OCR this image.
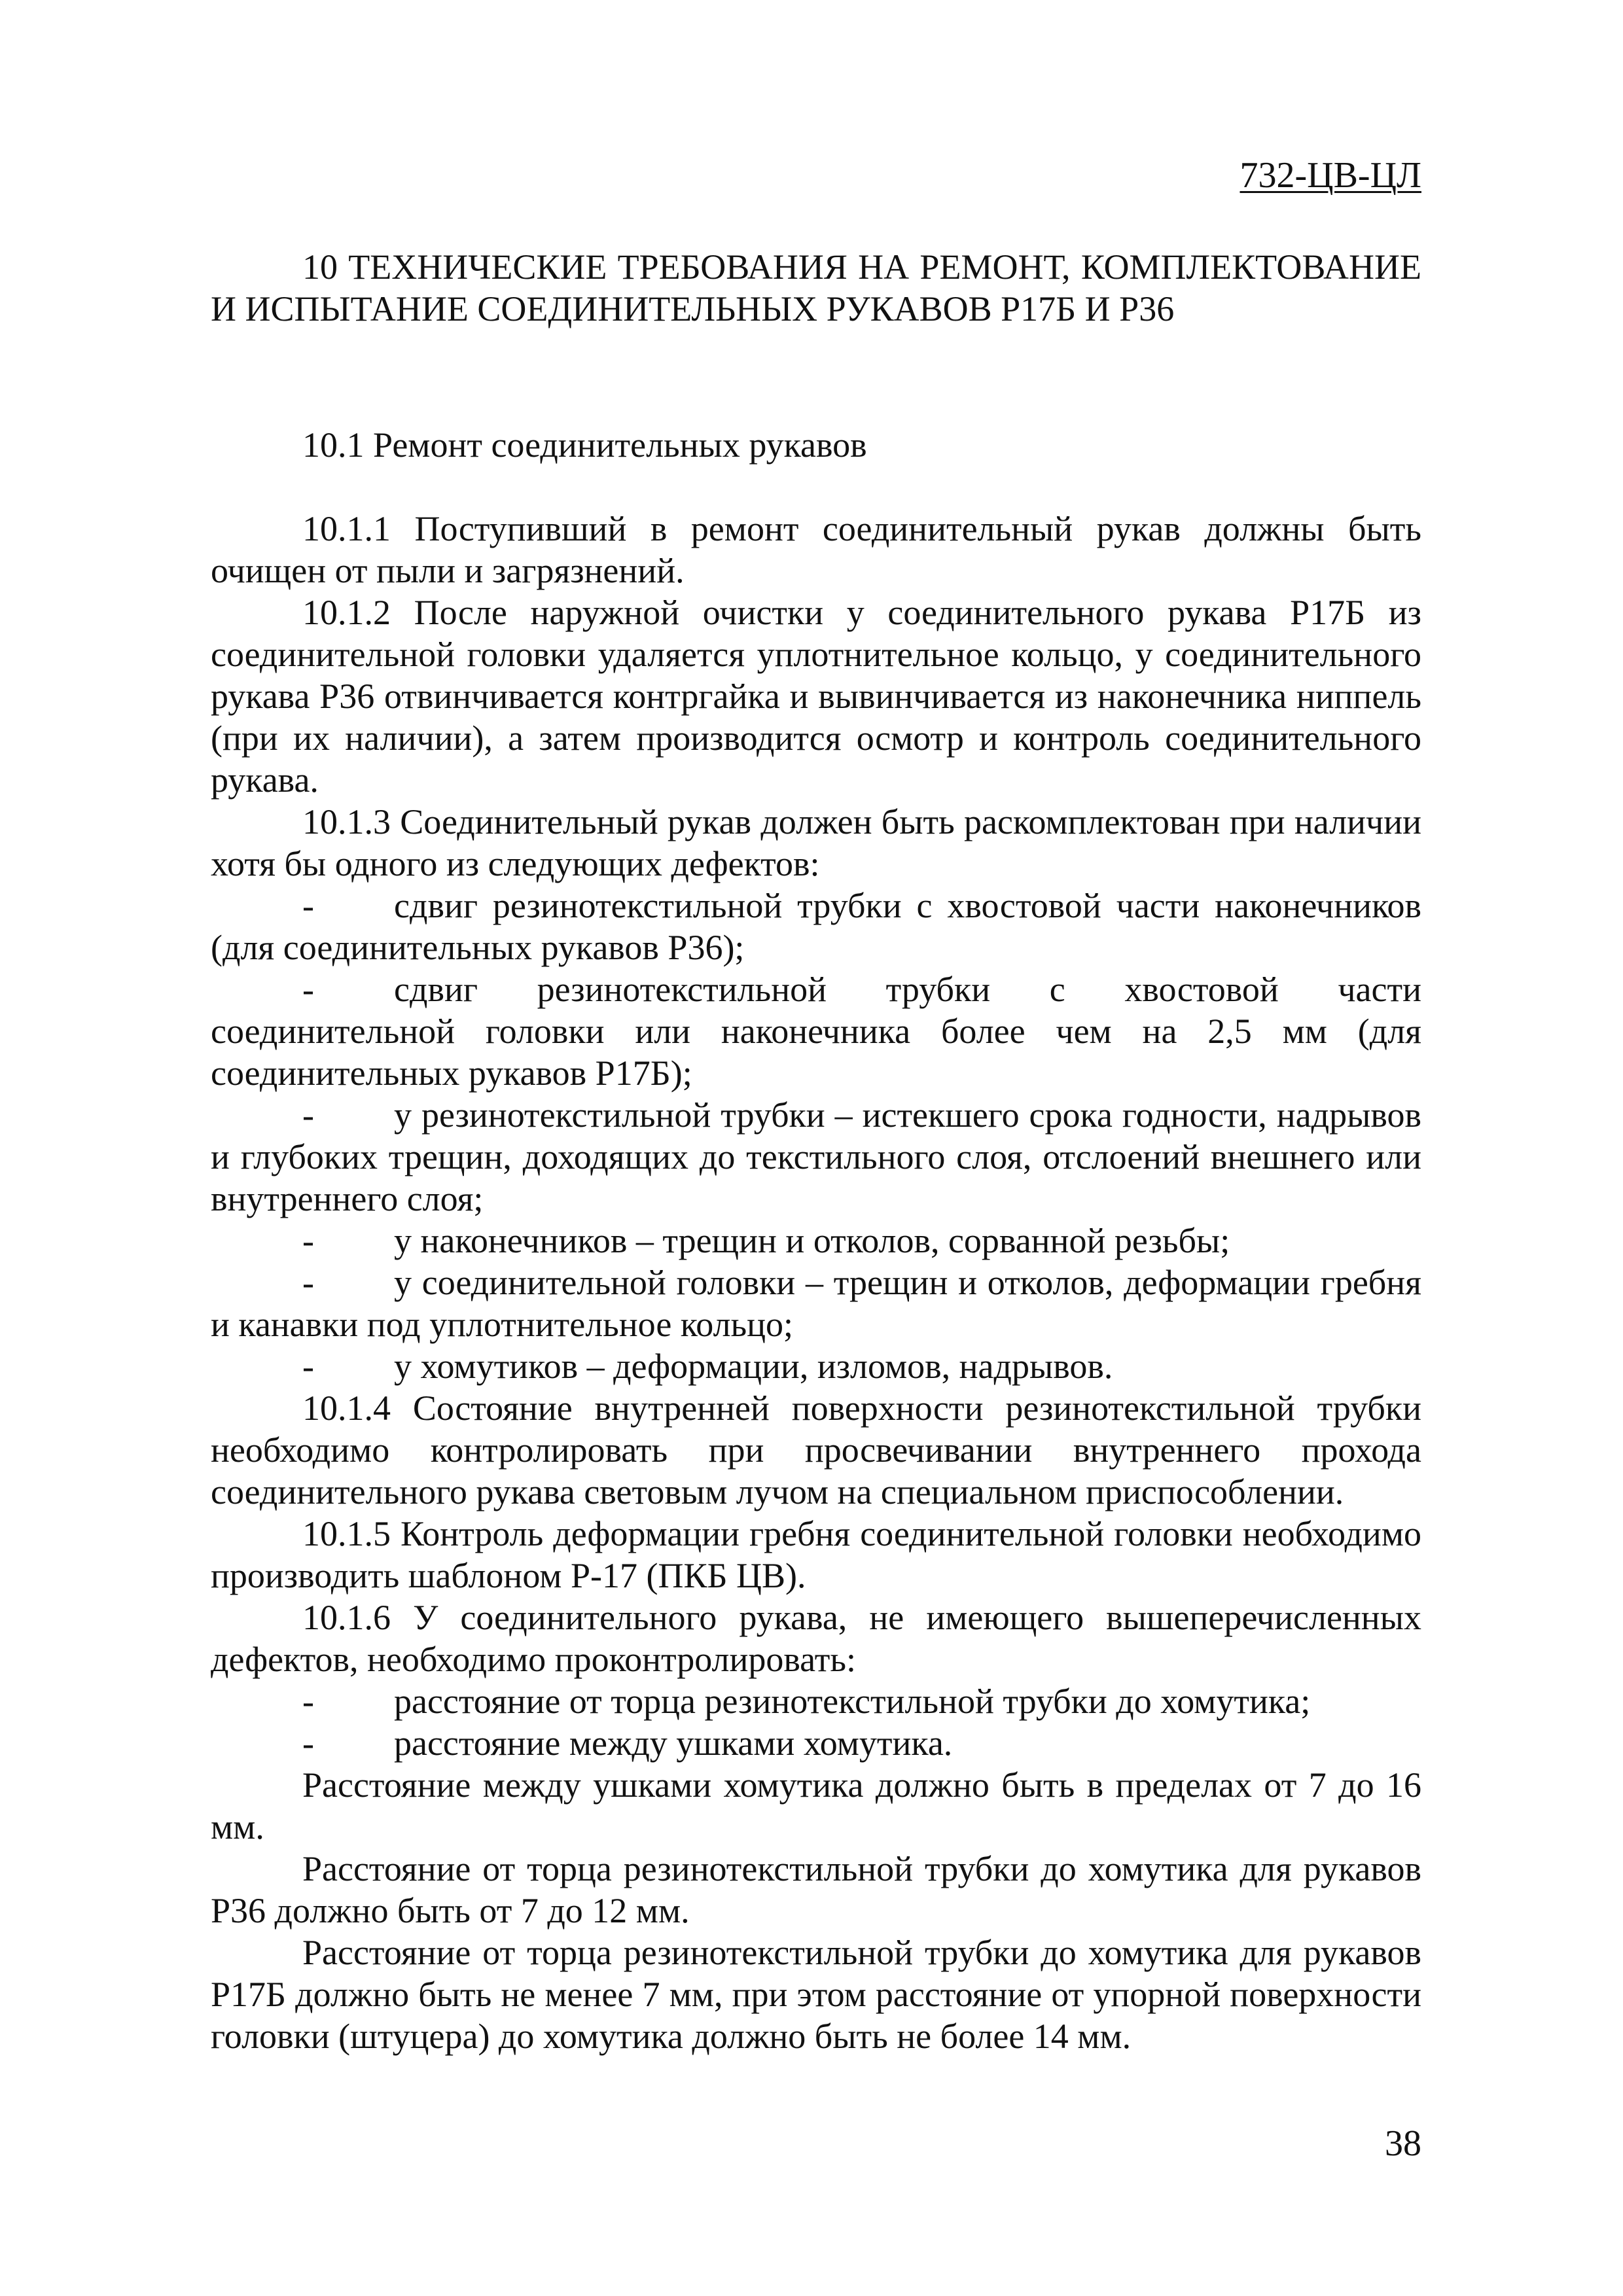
732-ЦВ-ЦЛ
10 ТЕХНИЧЕСКИЕ ТРЕБОВАНИЯ НА РЕМОНТ, КОМПЛЕКТОВАНИЕ И ИСПЫТАНИЕ СОЕДИНИТЕЛЬНЫХ РУКАВОВ Р17Б И Р36
10.1 Ремонт соединительных рукавов

10.1.1 Поступивший в ремонт соединительный рукав должны быть очищен от пыли и загрязнений.

10.1.2 После наружной очистки у соединительного рукава Р17Б из соединительной головки удаляется уплотнительное кольцо, у соединительного рукава Р36 отвинчивается контргайка и вывинчивается из наконечника ниппель (при их наличии), а затем производится осмотр и контроль соединительного рукава.

10.1.3 Соединительный рукав должен быть раскомплектован при наличии хотя бы одного из следующих дефектов:

- сдвиг резинотекстильной трубки с хвостовой части наконечников (для соединительных рукавов Р36);

- сдвиг резинотекстильной трубки с хвостовой части соединительной головки или наконечника более чем на 2,5 мм (для соединительных рукавов Р17Б);

- у резинотекстильной трубки – истекшего срока годности, надрывов и глубоких трещин, доходящих до текстильного слоя, отслоений внешнего или внутреннего слоя;

- у наконечников – трещин и отколов, сорванной резьбы;

- у соединительной головки – трещин и отколов, деформации гребня и канавки под уплотнительное кольцо;

- у хомутиков – деформации, изломов, надрывов.

10.1.4 Состояние внутренней поверхности резинотекстильной трубки необходимо контролировать при просвечивании внутреннего прохода соединительного рукава световым лучом на специальном приспособлении.

10.1.5 Контроль деформации гребня соединительной головки необходимо производить шаблоном Р-17 (ПКБ ЦВ).

10.1.6 У соединительного рукава, не имеющего вышеперечисленных дефектов, необходимо проконтролировать:

- расстояние от торца резинотекстильной трубки до хомутика;

- расстояние между ушками хомутика.

Расстояние между ушками хомутика должно быть в пределах от 7 до 16 мм.

Расстояние от торца резинотекстильной трубки до хомутика для рукавов Р36 должно быть от 7 до 12 мм.

Расстояние от торца резинотекстильной трубки до хомутика для рукавов Р17Б должно быть не менее 7 мм, при этом расстояние от упорной поверхности головки (штуцера) до хомутика должно быть не более 14 мм.

38
